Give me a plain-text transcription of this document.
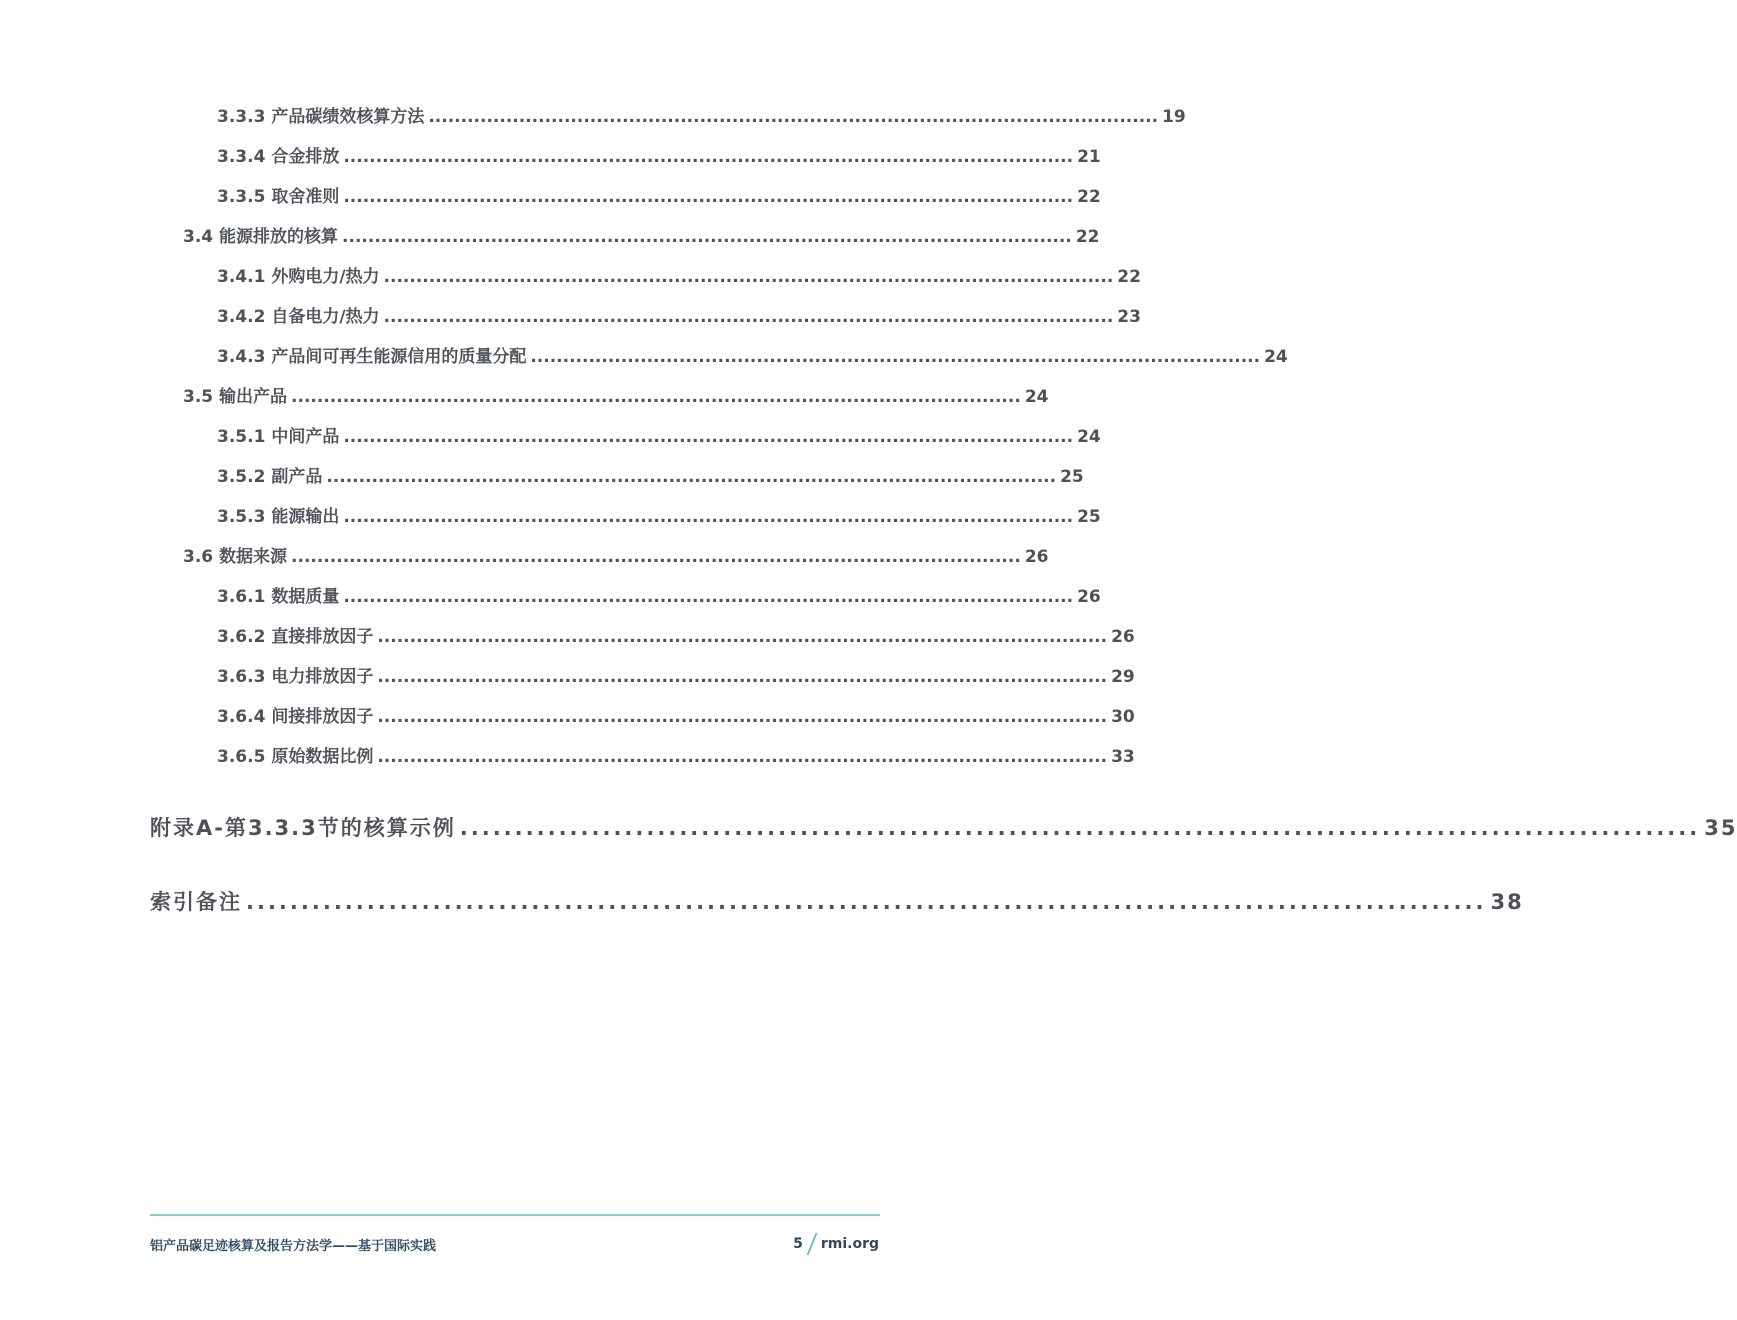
3.3.3 产品碳绩效核算方法 ................................................................................................................. 19
3.3.4 合金排放 ................................................................................................................. 21
3.3.5 取舍准则 ................................................................................................................. 22
3.4 能源排放的核算 ................................................................................................................. 22
3.4.1 外购电力/热力 ................................................................................................................. 22
3.4.2 自备电力/热力 ................................................................................................................. 23
3.4.3 产品间可再生能源信用的质量分配 ................................................................................................................. 24
3.5 输出产品 ................................................................................................................. 24
3.5.1 中间产品 ................................................................................................................. 24
3.5.2 副产品 ................................................................................................................. 25
3.5.3 能源输出 ................................................................................................................. 25
3.6 数据来源 ................................................................................................................. 26
3.6.1 数据质量 ................................................................................................................. 26
3.6.2 直接排放因子 ................................................................................................................. 26
3.6.3 电力排放因子 ................................................................................................................. 29
3.6.4 间接排放因子 ................................................................................................................. 30
3.6.5 原始数据比例 ................................................................................................................. 33
附录A-第3.3.3节的核算示例 ................................................................................................................. 35
索引备注 ................................................................................................................. 38
铝产品碳足迹核算及报告方法学——基于国际实践	5 rmi.org
